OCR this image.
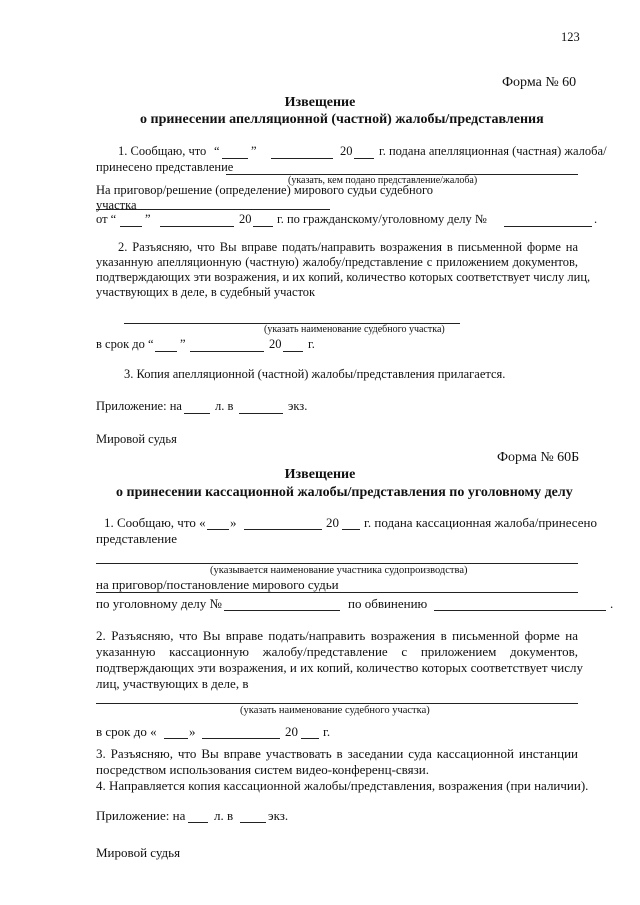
123
Форма № 60
Извещение
о принесении апелляционной (частной) жалобы/представления
1. Сообщаю, что “	”	20 г. подана апелляционная (частная) жалоба/
принесено представление
(указать, кем подано представление/жалоба)
На приговор/решение (определение) мирового судьи судебного
участка
от “ ”	20 г. по гражданскому/уголовному делу №	.
2. Разъясняю, что Вы вправе подать/направить возражения в письменной форме на
указанную апелляционную (частную) жалобу/представление с приложением документов,
подтверждающих эти возражения, и их копий, количество которых соответствует числу лиц,
участвующих в деле, в судебный участок
(указать наименование судебного участка)
в срок до “ ”	20 г.
3. Копия апелляционной (частной) жалобы/представления прилагается.
Приложение: на	л. в	экз.
Мировой судья
Форма № 60Б
Извещение
о принесении кассационной жалобы/представления по уголовному делу
1. Сообщаю, что « »	20 г. подана кассационная жалоба/принесено
представление
(указывается наименование участника судопроизводства)
на приговор/постановление мирового судьи
по уголовному делу №	по обвинению	.
2. Разъясняю, что Вы вправе подать/направить возражения в письменной форме на
указанную кассационную жалобу/представление с приложением документов,
подтверждающих эти возражения, и их копий, количество которых соответствует числу
лиц, участвующих в деле, в
(указать наименование судебного участка)
в срок до « »	20 г.
3. Разъясняю, что Вы вправе участвовать в заседании суда кассационной инстанции
посредством использования систем видео-конференц-связи.
4. Направляется копия кассационной жалобы/представления, возражения (при наличии).
Приложение: на л. в	экз.
Мировой судья
